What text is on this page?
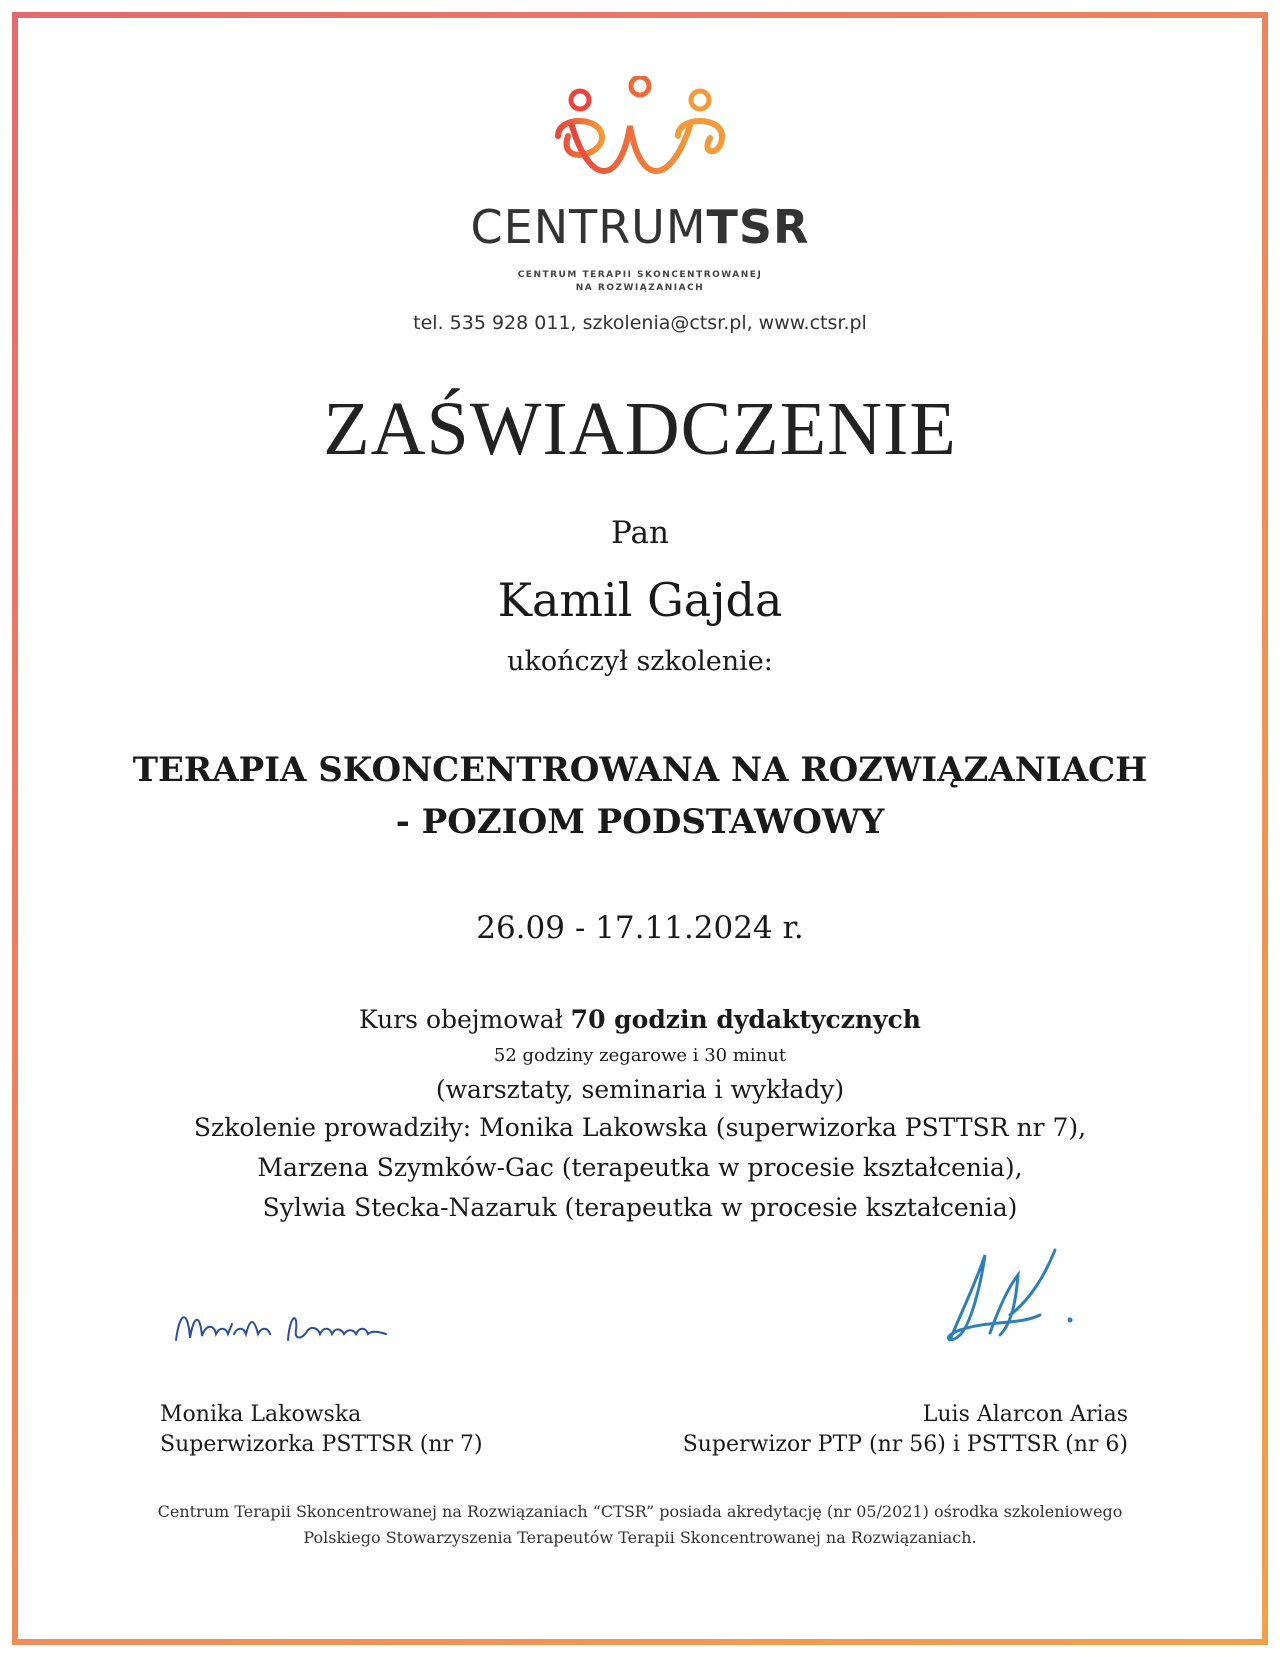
CENTRUMTSR
CENTRUM TERAPII SKONCENTROWANEJ
NA ROZWIĄZANIACH
tel. 535 928 011, szkolenia@ctsr.pl, www.ctsr.pl
ZAŚWIADCZENIE
Pan
Kamil Gajda
ukończył szkolenie:
TERAPIA SKONCENTROWANA NA ROZWIĄZANIACH
- POZIOM PODSTAWOWY
26.09 - 17.11.2024 r.
Kurs obejmował 70 godzin dydaktycznych
52 godziny zegarowe i 30 minut
(warsztaty, seminaria i wykłady)
Szkolenie prowadziły: Monika Lakowska (superwizorka PSTTSR nr 7),
Marzena Szymków-Gac (terapeutka w procesie kształcenia),
Sylwia Stecka-Nazaruk (terapeutka w procesie kształcenia)
Monika Lakowska
Superwizorka PSTTSR (nr 7)
Luis Alarcon Arias
Superwizor PTP (nr 56) i PSTTSR (nr 6)
Centrum Terapii Skoncentrowanej na Rozwiązaniach “CTSR” posiada akredytację (nr 05/2021) ośrodka szkoleniowego
Polskiego Stowarzyszenia Terapeutów Terapii Skoncentrowanej na Rozwiązaniach.
